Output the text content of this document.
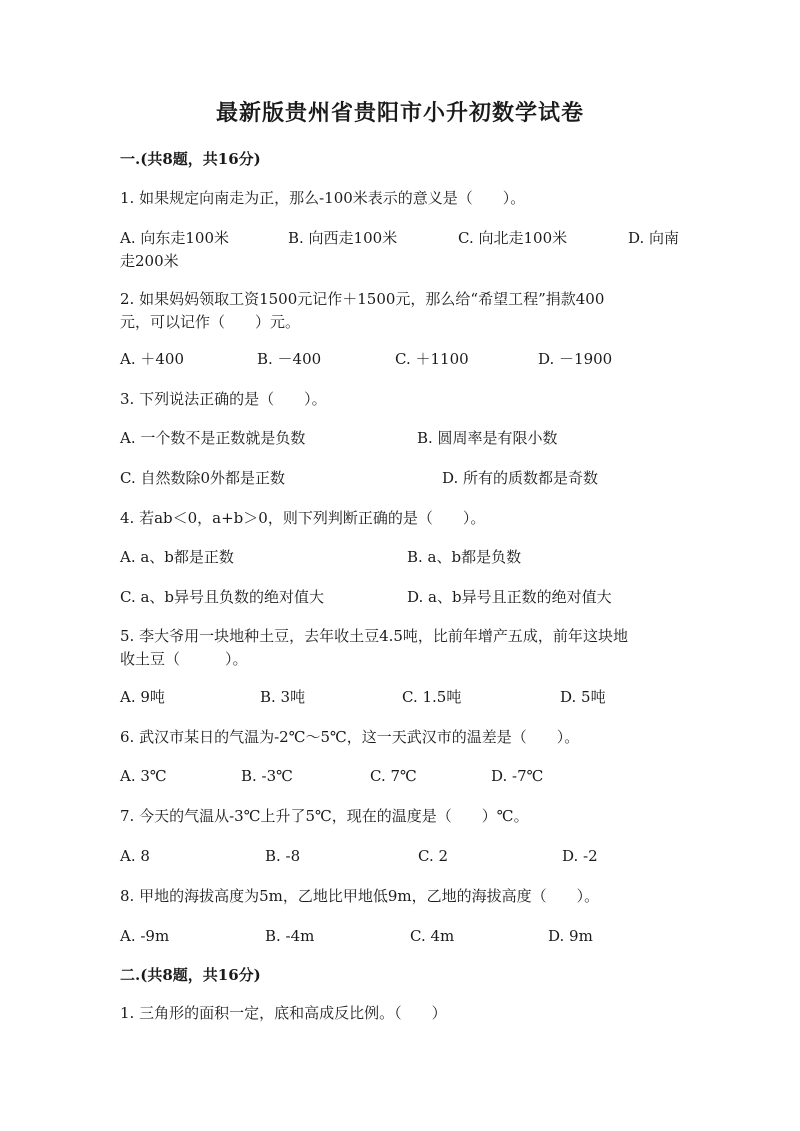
最新版贵州省贵阳市小升初数学试卷
一.(共8题，共16分)
1. 如果规定向南走为正，那么-100米表示的意义是（　　）。
A. 向东走100米	B. 向西走100米	C. 向北走100米	D. 向南
走200米
2. 如果妈妈领取工资1500元记作＋1500元，那么给“希望工程”捐款400
元，可以记作（　　）元。
A. ＋400	B. －400	C. ＋1100	D. －1900
3. 下列说法正确的是（　　）。
A. 一个数不是正数就是负数	B. 圆周率是有限小数
C. 自然数除0外都是正数	D. 所有的质数都是奇数
4. 若ab＜0，a+b＞0，则下列判断正确的是（　　）。
A. a、b都是正数	B. a、b都是负数
C. a、b异号且负数的绝对值大	D. a、b异号且正数的绝对值大
5. 李大爷用一块地种土豆，去年收土豆4.5吨，比前年增产五成，前年这块地
收土豆（　　　）。
A. 9吨	B. 3吨	C. 1.5吨	D. 5吨
6. 武汉市某日的气温为-2℃～5℃，这一天武汉市的温差是（　　）。
A. 3℃	B. -3℃	C. 7℃	D. -7℃
7. 今天的气温从-3℃上升了5℃，现在的温度是（　　）℃。
A. 8	B. -8	C. 2	D. -2
8. 甲地的海拔高度为5m，乙地比甲地低9m，乙地的海拔高度（　　）。
A. -9m	B. -4m	C. 4m	D. 9m
二.(共8题，共16分)
1. 三角形的面积一定，底和高成反比例。（　　）
